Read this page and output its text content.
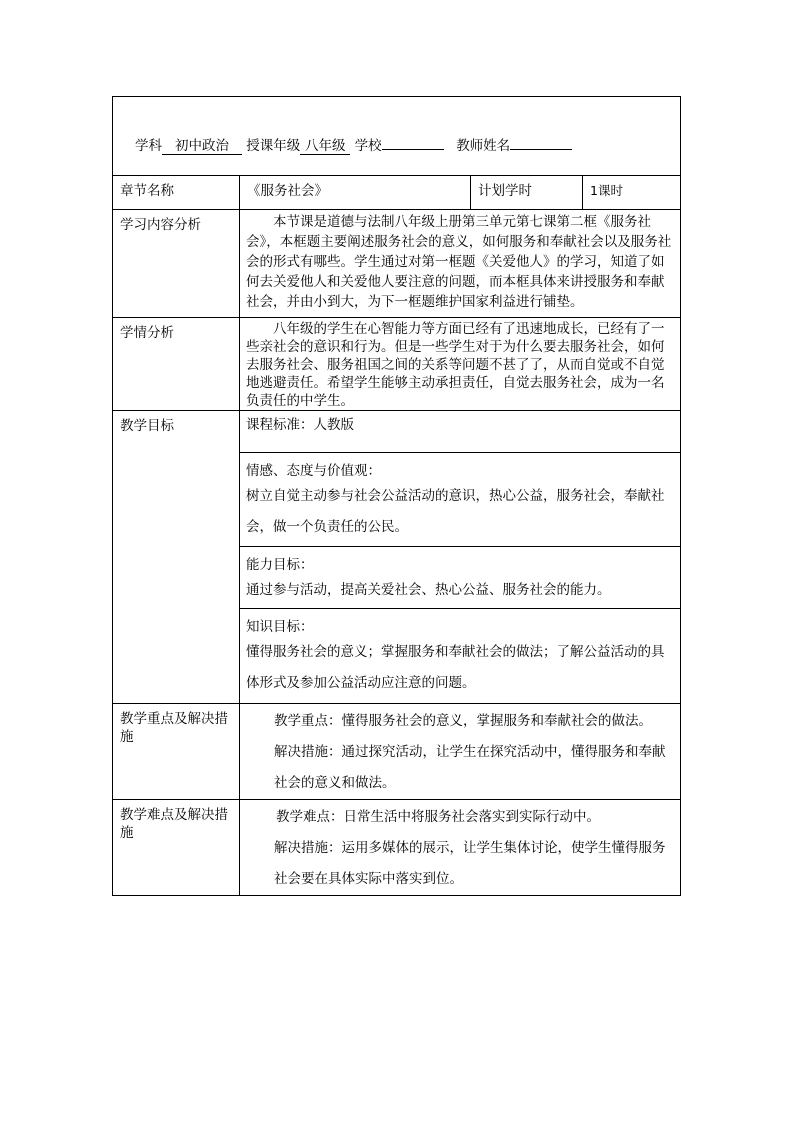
学科 初中政治 授课年级 八年级 学校 教师姓名			

章节名称	《服务社会》	计划学时	1课时

学习内容分析	本节课是道德与法制八年级上册第三单元第七课第二框《服务社会》，本框题主要阐述服务社会的意义，如何服务和奉献社会以及服务社会的形式有哪些。学生通过对第一框题《关爱他人》的学习，知道了如何去关爱他人和关爱他人要注意的问题，而本框具体来讲授服务和奉献社会，并由小到大，为下一框题维护国家利益进行铺垫。		

学情分析	八年级的学生在心智能力等方面已经有了迅速地成长，已经有了一些亲社会的意识和行为。但是一些学生对于为什么要去服务社会，如何去服务社会、服务祖国之间的关系等问题不甚了了，从而自觉或不自觉地逃避责任。希望学生能够主动承担责任，自觉去服务社会，成为一名负责任的中学生。		

教学目标	课程标准：人教版		

	情感、态度与价值观：
树立自觉主动参与社会公益活动的意识，热心公益，服务社会，奉献社会，做一个负责任的公民。		

	能力目标：
通过参与活动，提高关爱社会、热心公益、服务社会的能力。		

	知识目标：
懂得服务社会的意义；掌握服务和奉献社会的做法；了解公益活动的具体形式及参加公益活动应注意的问题。		

教学重点及解决措施	教学重点：懂得服务社会的意义，掌握服务和奉献社会的做法。
解决措施：通过探究活动，让学生在探究活动中，懂得服务和奉献社会的意义和做法。		

教学难点及解决措施	教学难点：日常生活中将服务社会落实到实际行动中。
解决措施：运用多媒体的展示，让学生集体讨论，使学生懂得服务社会要在具体实际中落实到位。		
